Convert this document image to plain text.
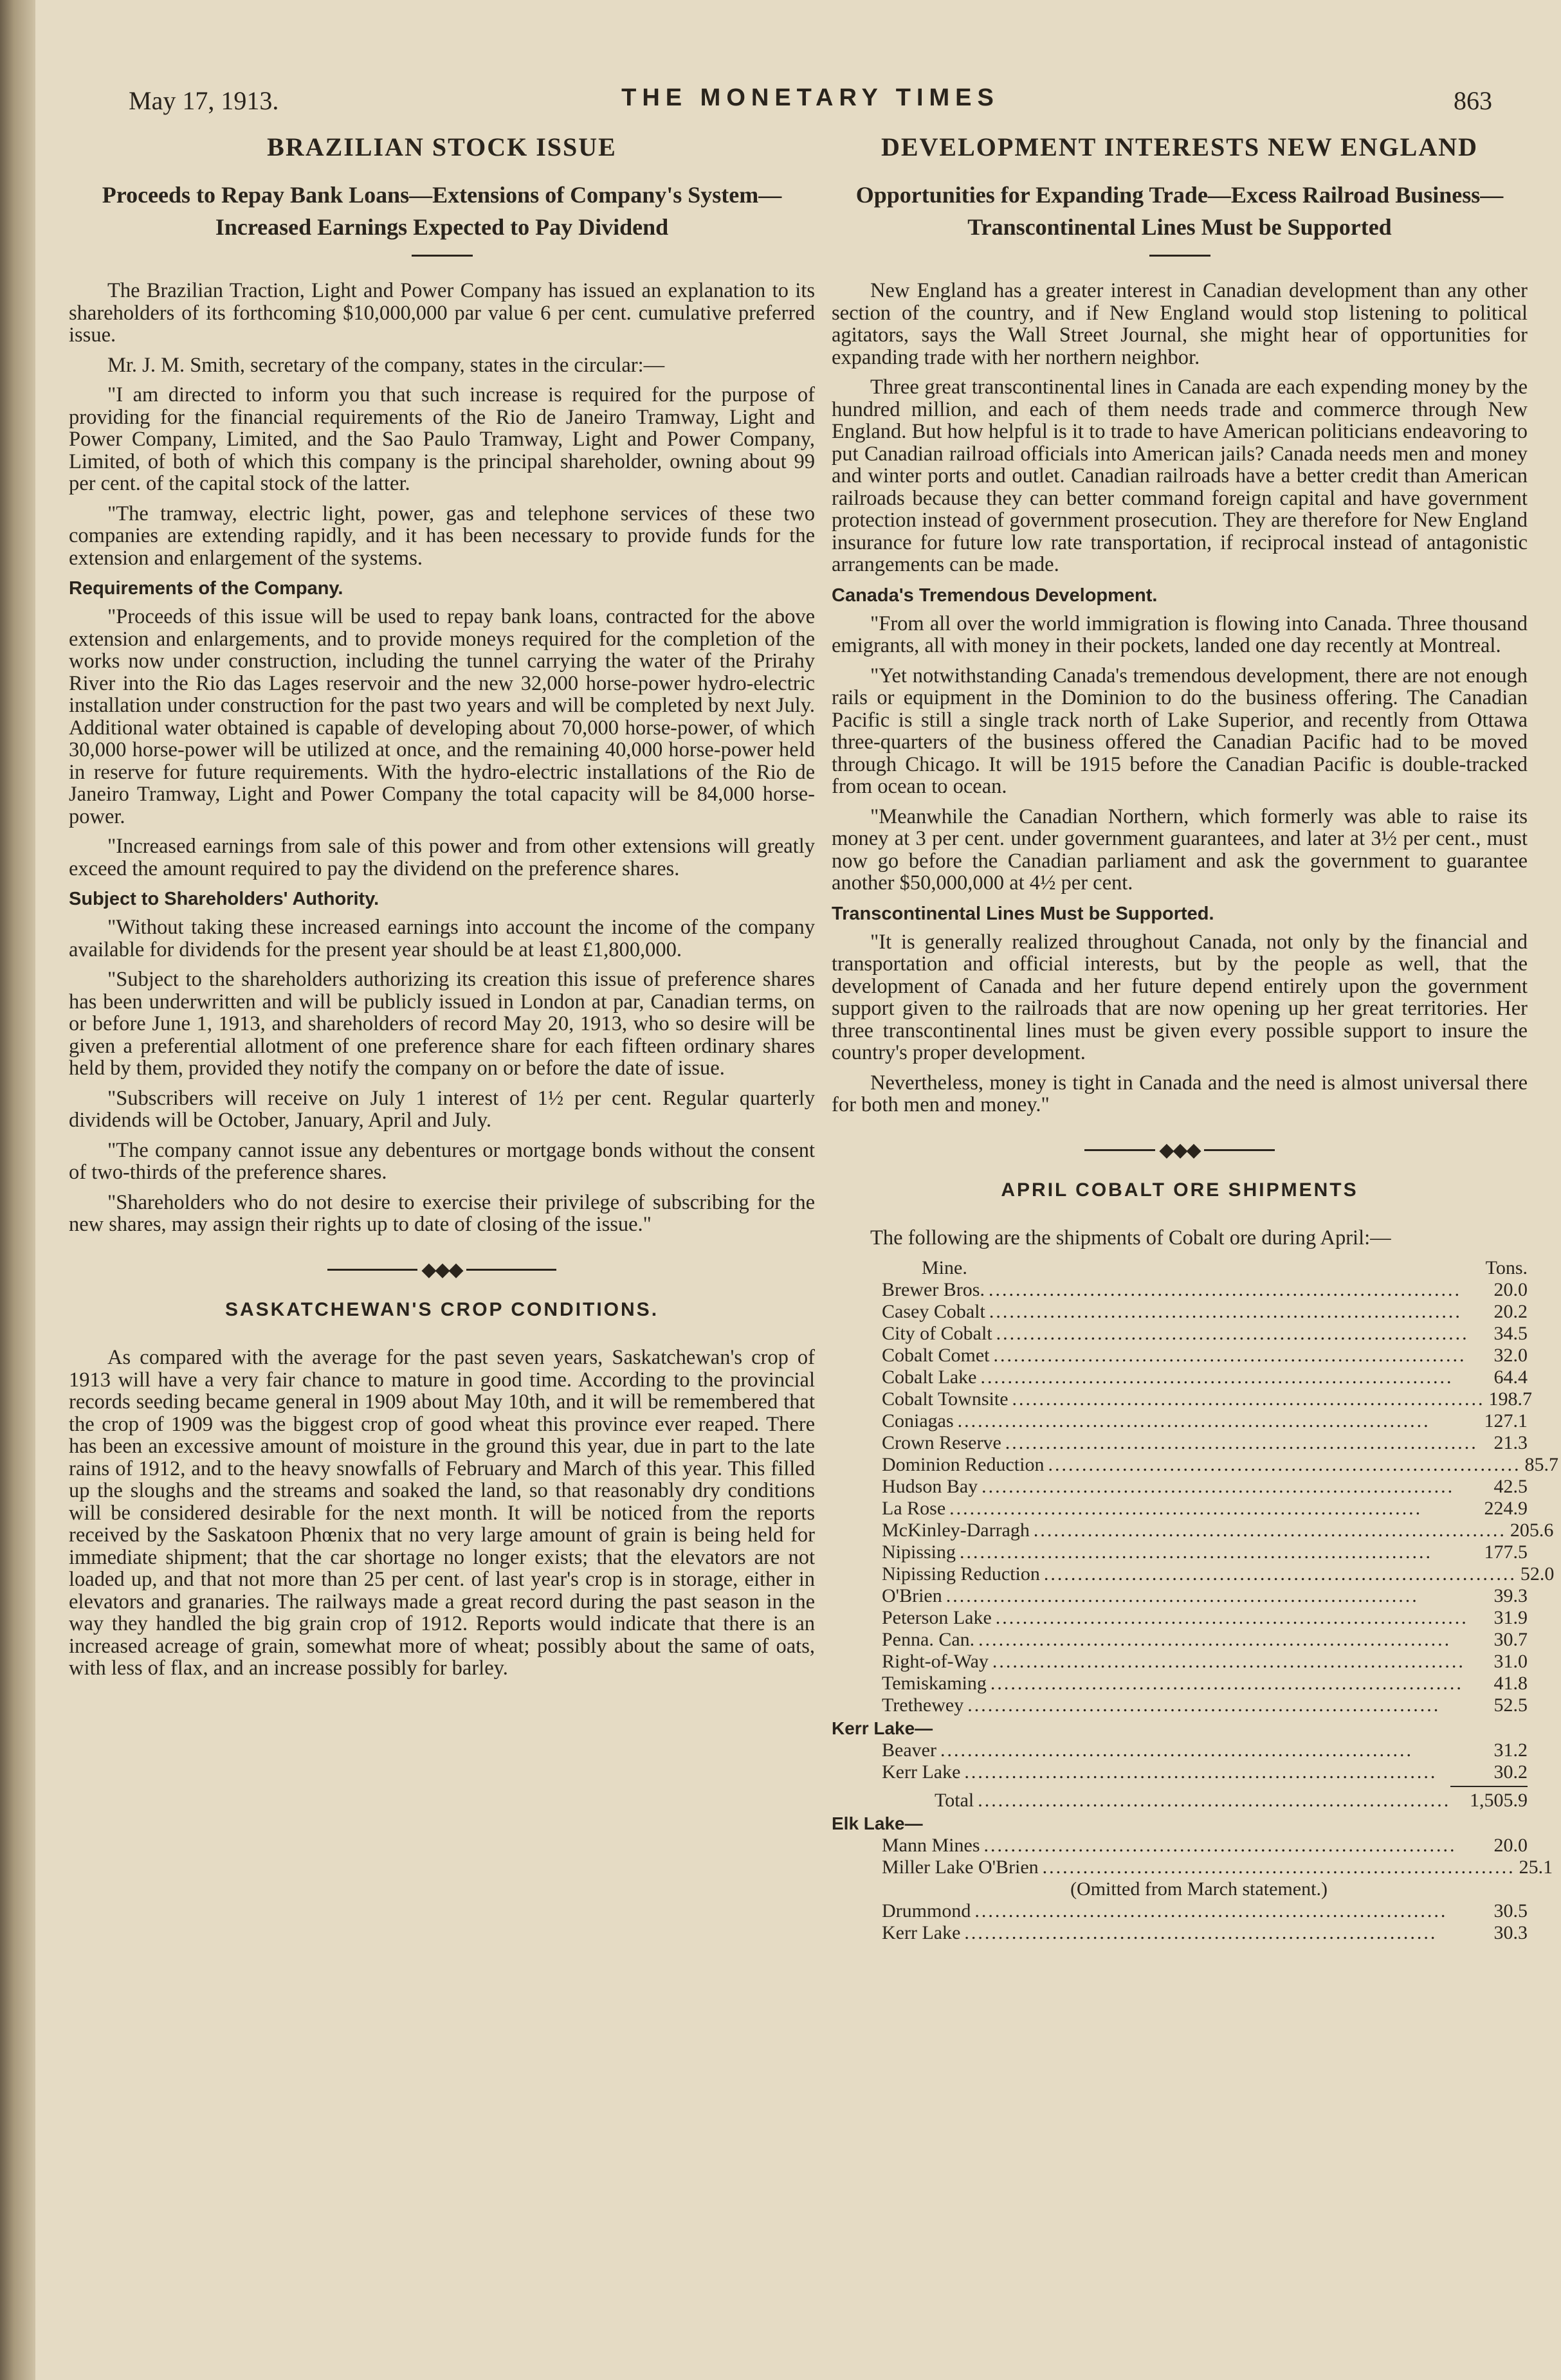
May 17, 1913.	THE MONETARY TIMES	863
BRAZILIAN STOCK ISSUE
Proceeds to Repay Bank Loans—Extensions of Company's System—Increased Earnings Expected to Pay Dividend

The Brazilian Traction, Light and Power Company has issued an explanation to its shareholders of its forthcoming $10,000,000 par value 6 per cent. cumulative preferred issue.

Mr. J. M. Smith, secretary of the company, states in the circular:—

"I am directed to inform you that such increase is required for the purpose of providing for the financial requirements of the Rio de Janeiro Tramway, Light and Power Company, Limited, and the Sao Paulo Tramway, Light and Power Company, Limited, of both of which this company is the principal shareholder, owning about 99 per cent. of the capital stock of the latter.

"The tramway, electric light, power, gas and telephone services of these two companies are extending rapidly, and it has been necessary to provide funds for the extension and enlargement of the systems.

Requirements of the Company.

"Proceeds of this issue will be used to repay bank loans, contracted for the above extension and enlargements, and to provide moneys required for the completion of the works now under construction, including the tunnel carrying the water of the Prirahy River into the Rio das Lages reservoir and the new 32,000 horse-power hydro-electric installation under construction for the past two years and will be completed by next July. Additional water obtained is capable of developing about 70,000 horse-power, of which 30,000 horse-power will be utilized at once, and the remaining 40,000 horse-power held in reserve for future requirements. With the hydro-electric installations of the Rio de Janeiro Tramway, Light and Power Company the total capacity will be 84,000 horse-power.

"Increased earnings from sale of this power and from other extensions will greatly exceed the amount required to pay the dividend on the preference shares.

Subject to Shareholders' Authority.

"Without taking these increased earnings into account the income of the company available for dividends for the present year should be at least £1,800,000.

"Subject to the shareholders authorizing its creation this issue of preference shares has been underwritten and will be publicly issued in London at par, Canadian terms, on or before June 1, 1913, and shareholders of record May 20, 1913, who so desire will be given a preferential allotment of one preference share for each fifteen ordinary shares held by them, provided they notify the company on or before the date of issue.

"Subscribers will receive on July 1 interest of 1½ per cent. Regular quarterly dividends will be October, January, April and July.

"The company cannot issue any debentures or mortgage bonds without the consent of two-thirds of the preference shares.

"Shareholders who do not desire to exercise their privilege of subscribing for the new shares, may assign their rights up to date of closing of the issue."

◆◆◆
SASKATCHEWAN'S CROP CONDITIONS.

As compared with the average for the past seven years, Saskatchewan's crop of 1913 will have a very fair chance to mature in good time. According to the provincial records seeding became general in 1909 about May 10th, and it will be remembered that the crop of 1909 was the biggest crop of good wheat this province ever reaped. There has been an excessive amount of moisture in the ground this year, due in part to the late rains of 1912, and to the heavy snowfalls of February and March of this year. This filled up the sloughs and the streams and soaked the land, so that reasonably dry conditions will be considered desirable for the next month. It will be noticed from the reports received by the Saskatoon Phœnix that no very large amount of grain is being held for immediate shipment; that the car shortage no longer exists; that the elevators are not loaded up, and that not more than 25 per cent. of last year's crop is in storage, either in elevators and granaries. The railways made a great record during the past season in the way they handled the big grain crop of 1912. Reports would indicate that there is an increased acreage of grain, somewhat more of wheat; possibly about the same of oats, with less of flax, and an increase possibly for barley.

DEVELOPMENT INTERESTS NEW ENGLAND
Opportunities for Expanding Trade—Excess Railroad Business—Transcontinental Lines Must be Supported

New England has a greater interest in Canadian development than any other section of the country, and if New England would stop listening to political agitators, says the Wall Street Journal, she might hear of opportunities for expanding trade with her northern neighbor.

Three great transcontinental lines in Canada are each expending money by the hundred million, and each of them needs trade and commerce through New England. But how helpful is it to trade to have American politicians endeavoring to put Canadian railroad officials into American jails? Canada needs men and money and winter ports and outlet. Canadian railroads have a better credit than American railroads because they can better command foreign capital and have government protection instead of government prosecution. They are therefore for New England insurance for future low rate transportation, if reciprocal instead of antagonistic arrangements can be made.

Canada's Tremendous Development.

"From all over the world immigration is flowing into Canada. Three thousand emigrants, all with money in their pockets, landed one day recently at Montreal.

"Yet notwithstanding Canada's tremendous development, there are not enough rails or equipment in the Dominion to do the business offering. The Canadian Pacific is still a single track north of Lake Superior, and recently from Ottawa three-quarters of the business offered the Canadian Pacific had to be moved through Chicago. It will be 1915 before the Canadian Pacific is double-tracked from ocean to ocean.

"Meanwhile the Canadian Northern, which formerly was able to raise its money at 3 per cent. under government guarantees, and later at 3½ per cent., must now go before the Canadian parliament and ask the government to guarantee another $50,000,000 at 4½ per cent.

Transcontinental Lines Must be Supported.

"It is generally realized throughout Canada, not only by the financial and transportation and official interests, but by the people as well, that the development of Canada and her future depend entirely upon the government support given to the railroads that are now opening up her great territories. Her three transcontinental lines must be given every possible support to insure the country's proper development.

Nevertheless, money is tight in Canada and the need is almost universal there for both men and money."

◆◆◆
APRIL COBALT ORE SHIPMENTS

The following are the shipments of Cobalt ore during April:—

Mine.	Tons.
Brewer Bros. ......................................................................	20.0
Casey Cobalt ......................................................................	20.2
City of Cobalt ......................................................................	34.5
Cobalt Comet ......................................................................	32.0
Cobalt Lake ......................................................................	64.4
Cobalt Townsite ...................................................................... 198.7
Coniagas ......................................................................	127.1
Crown Reserve ...................................................................... 21.3
Dominion Reduction ...................................................................... 85.7
Hudson Bay ......................................................................	42.5
La Rose ......................................................................	224.9
McKinley-Darragh ...................................................................... 205.6
Nipissing ......................................................................	177.5
Nipissing Reduction ...................................................................... 52.0
O'Brien ......................................................................	39.3
Peterson Lake ......................................................................	31.9
Penna. Can. ......................................................................	30.7
Right-of-Way ......................................................................	31.0
Temiskaming ......................................................................	41.8
Trethewey ......................................................................	52.5
Kerr Lake—
Beaver ......................................................................	31.2
Kerr Lake ......................................................................	30.2
Total ...................................................................... 1,505.9
Elk Lake—
Mann Mines ......................................................................	20.0
Miller Lake O'Brien ...................................................................... 25.1
(Omitted from March statement.)
Drummond ......................................................................	30.5
Kerr Lake ......................................................................	30.3
